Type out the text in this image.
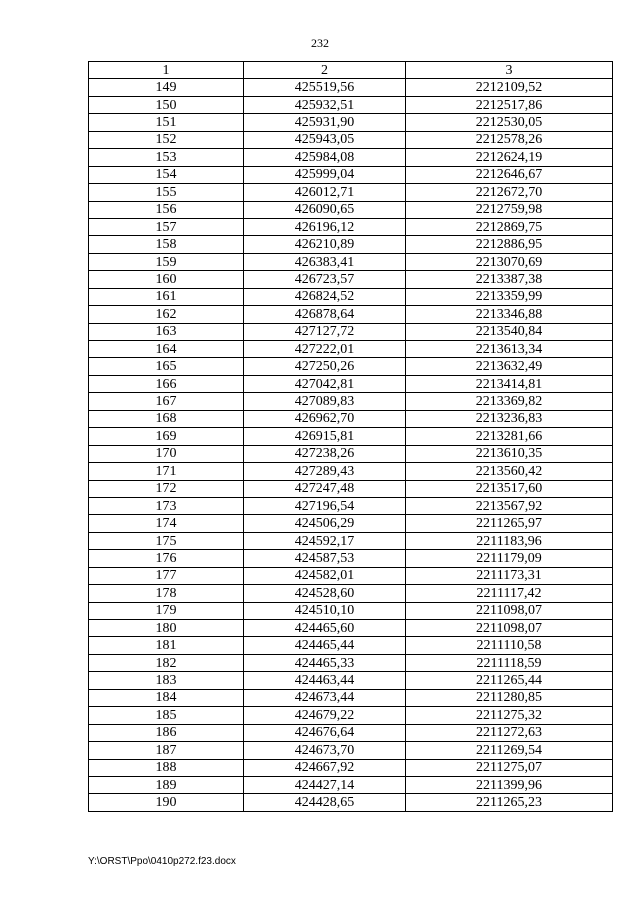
232
1	2	3
149	425519,56	2212109,52
150	425932,51	2212517,86
151	425931,90	2212530,05
152	425943,05	2212578,26
153	425984,08	2212624,19
154	425999,04	2212646,67
155	426012,71	2212672,70
156	426090,65	2212759,98
157	426196,12	2212869,75
158	426210,89	2212886,95
159	426383,41	2213070,69
160	426723,57	2213387,38
161	426824,52	2213359,99
162	426878,64	2213346,88
163	427127,72	2213540,84
164	427222,01	2213613,34
165	427250,26	2213632,49
166	427042,81	2213414,81
167	427089,83	2213369,82
168	426962,70	2213236,83
169	426915,81	2213281,66
170	427238,26	2213610,35
171	427289,43	2213560,42
172	427247,48	2213517,60
173	427196,54	2213567,92
174	424506,29	2211265,97
175	424592,17	2211183,96
176	424587,53	2211179,09
177	424582,01	2211173,31
178	424528,60	2211117,42
179	424510,10	2211098,07
180	424465,60	2211098,07
181	424465,44	2211110,58
182	424465,33	2211118,59
183	424463,44	2211265,44
184	424673,44	2211280,85
185	424679,22	2211275,32
186	424676,64	2211272,63
187	424673,70	2211269,54
188	424667,92	2211275,07
189	424427,14	2211399,96
190	424428,65	2211265,23
Y:\ORST\Ppo\0410p272.f23.docx
